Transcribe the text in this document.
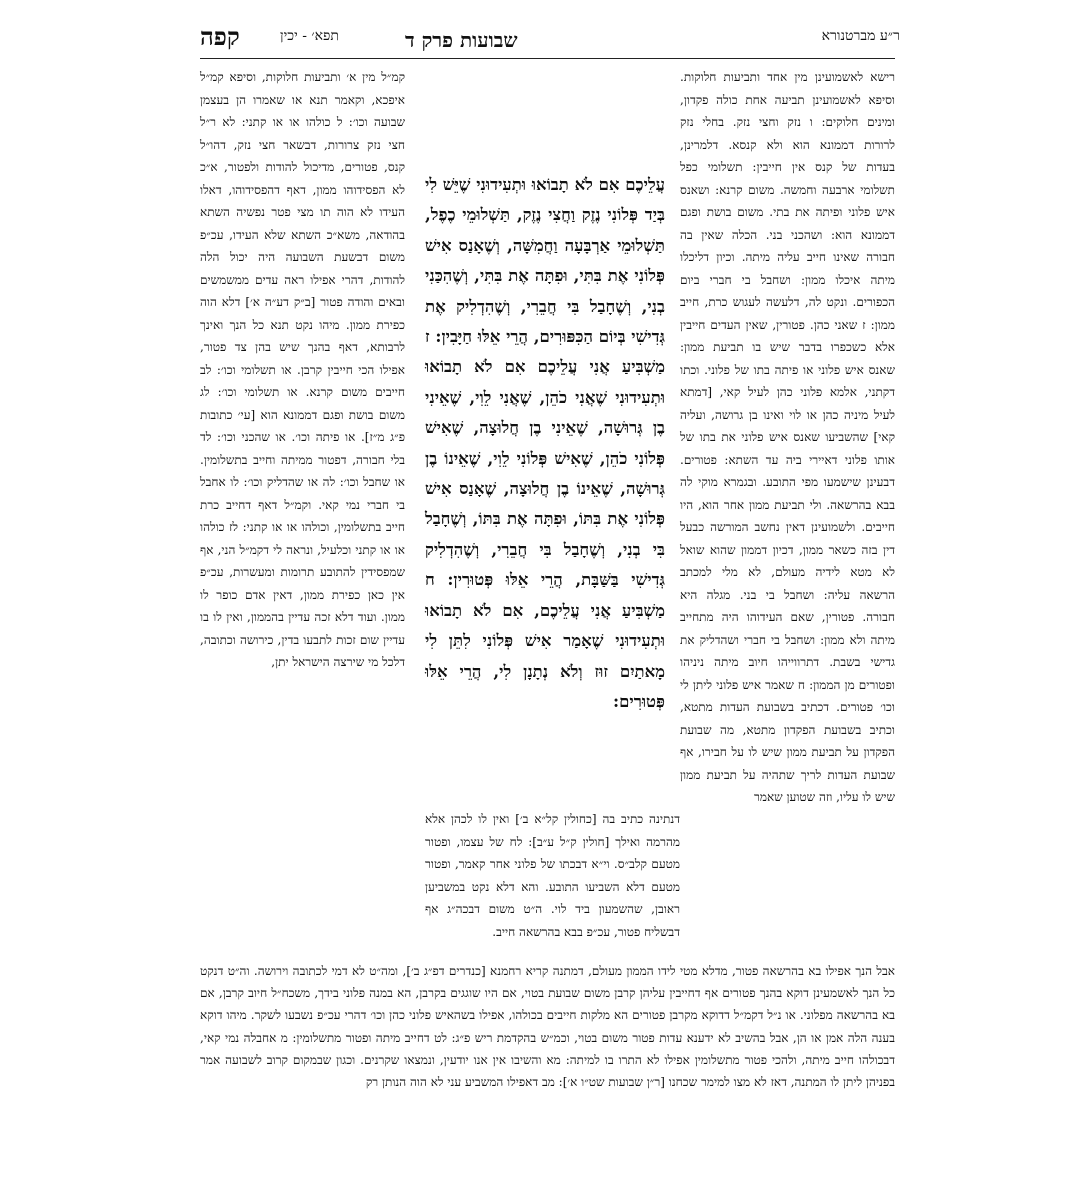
קפה	תפא׳ - יכין	שבועות פרק ד	ר״ע מברטנורא

רישא לאשמועינן מין אחד ותביעות חלוקות. וסיפא לאשמועינן תביעה אחת כולה פקדון, ומינים חלוקים: ו נזק וחצי נזק. בחלי נזק לרורות דממונא הוא ולא קנסא. דלמרינן, בעדות של קנס אין חייבין: תשלומי כפל תשלומי ארבעה וחמשה. משום קרנא: ושאנס איש פלוני ופיתה את בתי. משום בושת ופגם דממונא הוא: ושהכני בני. הכלה שאין בה חבורה שאינו חייב עליה מיתה. וכיון דליכלו מיתה איכלו ממון: ושחבל בי חברי ביום הכפורים. ונקט לה, דלעשה לעגוש כרת, חייב ממון: ז שאני כהן. פטורין, שאין העדים חייבין אלא כשכפרו בדבר שיש בו תביעת ממון: שאנס איש פלוני או פיתה בתו של פלוני. וכתו דקתני, אלמא פלוני כהן לעיל קאי, [דמתא לעיל מיניה כהן או לוי ואינו בן גרושה, ועליה קאי] שהשביעו שאנס איש פלוני את בתו של אותו פלוני דאיירי ביה עד השתא: פטורים. דבעינן שישמעו מפי התובע. ובגמרא מוקי לה בבא בהרשאה. ולי תביעת ממון אחר הוא, היו חייבים. ולשמועינן דאין נחשב המורשה כבעל דין בזה כשאר ממון, דכיון דממון שהוא שואל לא מטא לידיה מעולם, לא מלי למכתב הרשאה עליה: ושחבל בי בני. מגלה היא חבורה. פטורין, שאם העידוהו היה מתחייב מיתה ולא ממון: ושחבל בי חברי ושהדליק את גדישי בשבת. דתרווייהו חיוב מיתה ניניהו ופטורים מן הממון: ח שאמר איש פלוני ליתן לי וכו׳ פטורים. דכתיב בשבועת העדות מתטא, וכתיב בשבועת הפקדון מתטא, מה שבועת הפקדון על תביעת ממון שיש לו על חבירו, אף שבועת העדות לריך שתהיה על תביעת ממון שיש לו עליו, וזה שטוען שאמר

עֲלֵיכֶם אִם לֹא תָבוֹאוּ וּתְעִידוּנִי שֶׁיֵּשׁ לִי בְּיַד פְּלוֹנִי נֶזֶק וַחֲצִי נֶזֶק, תַּשְׁלוּמֵי כֶפֶל, תַּשְׁלוּמֵי אַרְבָּעָה וַחֲמִשָּׁה, וְשֶׁאָנַס אִישׁ פְּלוֹנִי אֶת בִּתִּי, וּפִתָּה אֶת בִּתִּי, וְשֶׁהִכַּנִי בְנִי, וְשֶׁחָבַל בִּי חֲבֵרִי, וְשֶׁהִדְלִיק אֶת גְּדִישִׁי בְּיוֹם הַכִּפּוּרִים, הֲרֵי אֵלּוּ חַיָּבִין: ז מַשְׁבִּיעַ אֲנִי עֲלֵיכֶם אִם לֹא תָבוֹאוּ וּתְעִידוּנִי שֶׁאֲנִי כֹהֵן, שֶׁאֲנִי לֵוִי, שֶׁאֵינִי בֶן גְּרוּשָׁה, שֶׁאֵינִי בֶן חֲלוּצָה, שֶׁאִישׁ פְּלוֹנִי כֹהֵן, שֶׁאִישׁ פְּלוֹנִי לֵוִי, שֶׁאֵינוֹ בֶן גְּרוּשָׁה, שֶׁאֵינוֹ בֶן חֲלוּצָה, שֶׁאָנַס אִישׁ פְּלוֹנִי אֶת בִּתּוֹ, וּפִתָּה אֶת בִּתּוֹ, וְשֶׁחָבַל בִּי בְנִי, וְשֶׁחָבַל בִּי חֲבֵרִי, וְשֶׁהִדְלִיק גְּדִישִׁי בַּשַּׁבָּת, הֲרֵי אֵלּוּ פְּטוּרִין: ח מַשְׁבִּיעַ אֲנִי עֲלֵיכֶם, אִם לֹא תָבוֹאוּ וּתְעִידוּנִי שֶׁאָמַר אִישׁ פְּלוֹנִי לִתֵּן לִי מָאתַיִם זוּז וְלֹא נְתָנָן לִי, הֲרֵי אֵלּוּ פְּטוּרִים:

דנתינה כתיב בה [כחולין קל״א ב׳] ואין לו לכהן אלא מהרמה ואילך [חולין ק״ל ע״ב]: לח של עצמו, ופטור מטעם קלב״ס. וי״א דבכתו של פלוני אחר קאמר, ופטור מטעם דלא השביעו התובע. והא דלא נקט במשביען ראובן, שהשמעון ביד לוי. ה״ט משום דבכה״ג אף דבשליח פטור, עכ״פ בבא בהרשאה חייב.

קמ״ל מין א׳ ותביעות חלוקות, וסיפא קמ״ל איפכא, וקאמר תנא או שאמרו הן בעצמן שבועה וכו׳: ל כולהו או או קתני: לא ר״ל חצי נזק צרורות, דבשאר חצי נזק, דהו״ל קנס, פטורים, מדיכול להודות ולפטור, א״כ לא הפסידוהו ממון, דאף דהפסידוהו, דאלו העידו לא הוה תו מצי פטר נפשיה השתא בהודאה, משא״כ השתא שלא העידו, עכ״פ משום דבשעת השבועה היה יכול הלה להודות, דהרי אפילו ראה עדים ממשמשים ובאים והודה פטור [ב״ק דע״ה א׳] דלא הוה כפירת ממון. מיהו נקט תנא כל הנך ואינך לרבותא, דאף בהנך שיש בהן צד פטור, אפילו הכי חייבין קרבן. או תשלומי וכו׳: לב חייבים משום קרנא. או תשלומי וכו׳: לג משום בושת ופגם דממונא הוא [עי׳ כתובות פ״ג מ״ז]. או פיתה וכו׳. או שהכני וכו׳: לד בלי חבורה, דפטור ממיתה וחייב בתשלומין. או שחבל וכו׳: לה או שהדליק וכו׳: לו אחבל בי חברי נמי קאי. וקמ״ל דאף דחייב כרת חייב בתשלומין, וכולהו או או קתני: לז כולהו או או קתני וכלעיל, ונראה לי דקמ״ל הני, אף שמפסידין להתובע תרומות ומעשרות, עכ״פ אין כאן כפירת ממון, דאין אדם כופר לו ממון. ועוד דלא זכה עדיין בהממון, ואין לו בו עדיין שום זכות לתבעו בדין, כירושה וכתובה, דלכל מי שירצה הישראל יתן,

אבל הנך אפילו בא בהרשאה פטור, מדלא מטי לידו הממון מעולם, דמתנה קריא רחמנא [כנדרים דפ״ג ב׳], ומה״ט לא דמי לכתובה וירושה. וה״ט דנקט כל הנך לאשמעינן דוקא בהנך פטורים אף דחייבין עליהן קרבן משום שבועת בטוי, אם היו שוגגים בקרבן, הא במנה פלוני בידך, משכח״ל חיוב קרבן, אם בא בהרשאה מפלוני. או נ״ל דקמ״ל דדוקא מקרבן פטורים הא מלקות חייבים בכולהו, אפילו בשהאיש פלוני כהן וכו׳ דהרי עכ״פ נשבעו לשקר. מיהו דוקא בענה הלה אמן או הן, אבל בהשיב לא ידענא עדות פטור משום בטוי, וכמ״ש בהקדמת ריש פ״ג: לט דחייב מיתה ופטור מתשלומין: מ אחבלה נמי קאי, דבכולהו חייב מיתה, ולהכי פטור מתשלומין אפילו לא התרו בו למיתה: מא והשיבו אין אנו יודעין, ונמצאו שקרנים. וכגון שבמקום קרוב לשבועה אמר בפניהן ליתן לו המתנה, דאז לא מצו למימר שכחנו [ר״ן שבועות שט״ו א׳]: מב דאפילו המשביע עני לא הוה הנותן רק
